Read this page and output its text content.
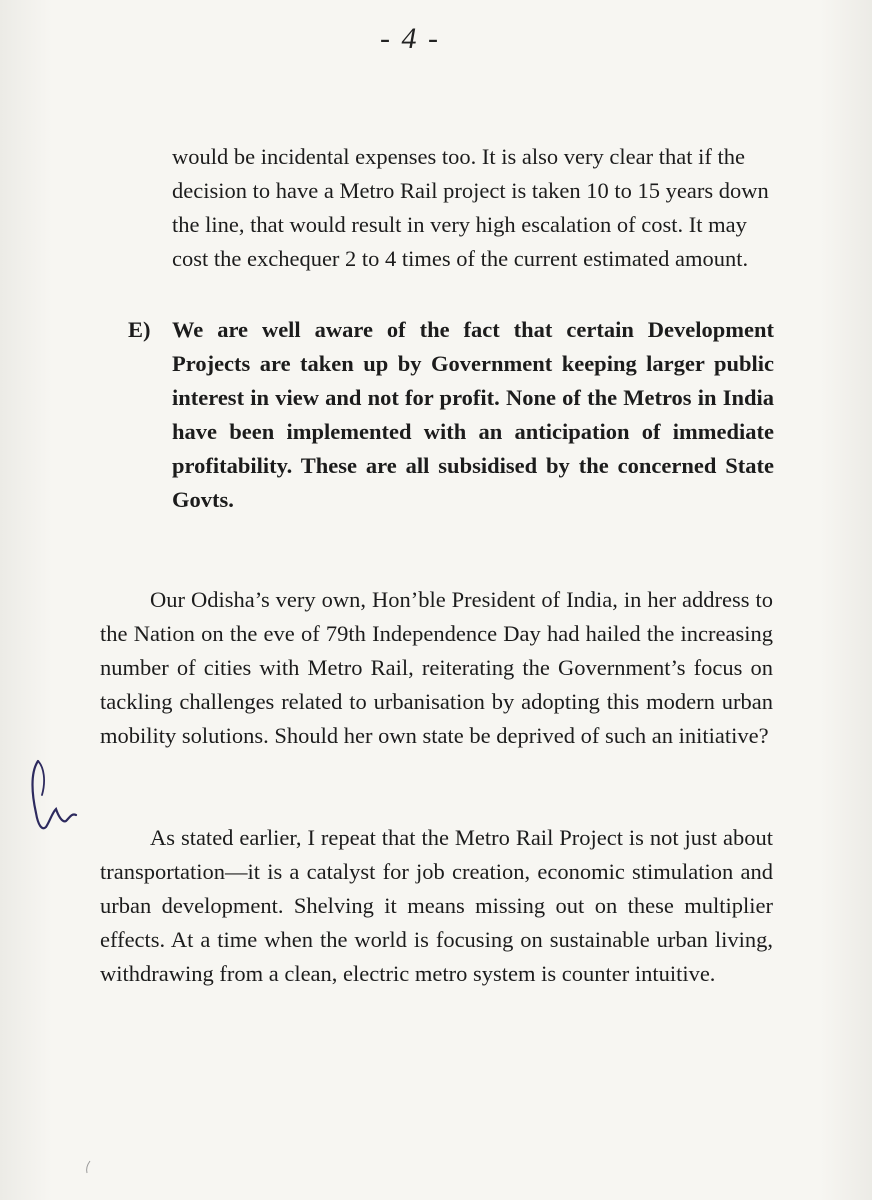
- 4 -
would be incidental expenses too. It is also very clear that if the decision to have a Metro Rail project is taken 10 to 15 years down the line, that would result in very high escalation of cost. It may cost the exchequer 2 to 4 times of the current estimated amount.
E) We are well aware of the fact that certain Development Projects are taken up by Government keeping larger public interest in view and not for profit. None of the Metros in India have been implemented with an anticipation of immediate profitability. These are all subsidised by the concerned State Govts.
Our Odisha’s very own, Hon’ble President of India, in her address to the Nation on the eve of 79th Independence Day had hailed the increasing number of cities with Metro Rail, reiterating the Government’s focus on tackling challenges related to urbanisation by adopting this modern urban mobility solutions. Should her own state be deprived of such an initiative?
As stated earlier, I repeat that the Metro Rail Project is not just about transportation—it is a catalyst for job creation, economic stimulation and urban development. Shelving it means missing out on these multiplier effects. At a time when the world is focusing on sustainable urban living, withdrawing from a clean, electric metro system is counter intuitive.
